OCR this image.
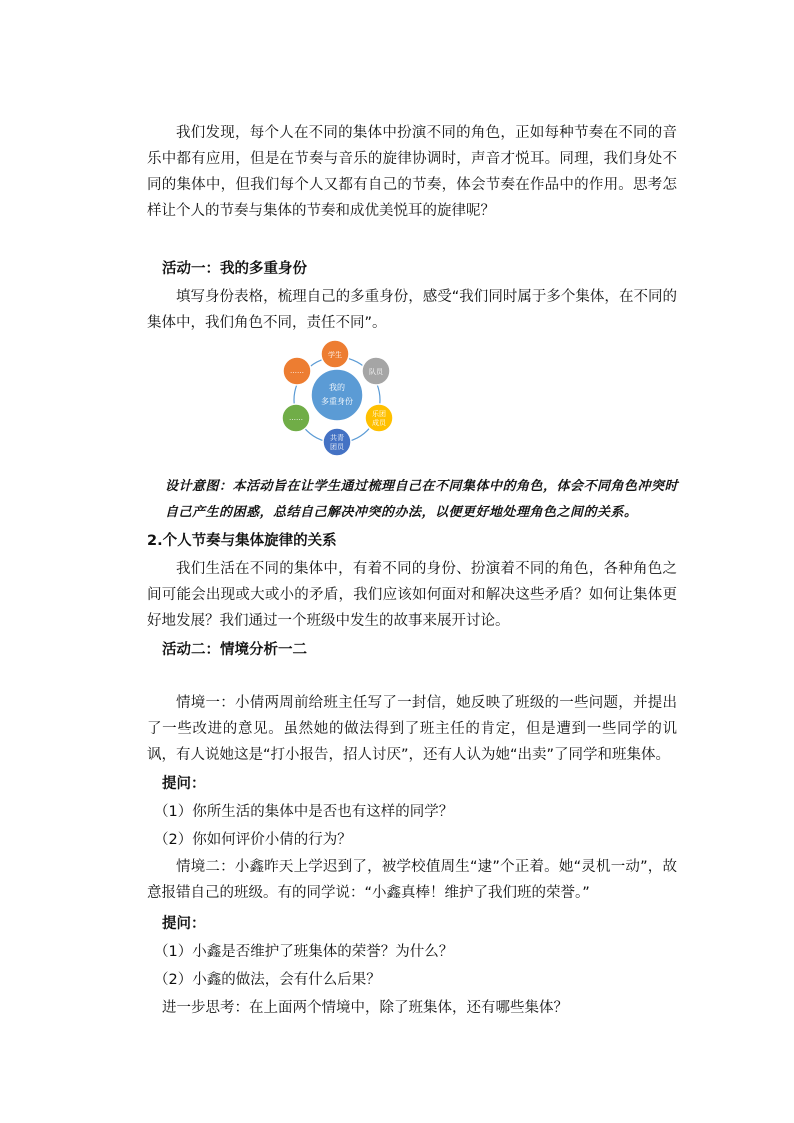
我们发现，每个人在不同的集体中扮演不同的角色，正如每种节奏在不同的音乐中都有应用，但是在节奏与音乐的旋律协调时，声音才悦耳。同理，我们身处不同的集体中，但我们每个人又都有自己的节奏，体会节奏在作品中的作用。思考怎样让个人的节奏与集体的节奏和成优美悦耳的旋律呢？

活动一：我的多重身份

填写身份表格，梳理自己的多重身份，感受“我们同时属于多个集体，在不同的集体中，我们角色不同，责任不同”。

我的
多重身份
学生
队员
乐团
成员
共青
团员
……
……

设计意图：本活动旨在让学生通过梳理自己在不同集体中的角色，体会不同角色冲突时自己产生的困惑，总结自己解决冲突的办法，以便更好地处理角色之间的关系。

2.个人节奏与集体旋律的关系

我们生活在不同的集体中，有着不同的身份、扮演着不同的角色，各种角色之间可能会出现或大或小的矛盾，我们应该如何面对和解决这些矛盾？如何让集体更好地发展？我们通过一个班级中发生的故事来展开讨论。

活动二：情境分析一二

情境一：小倩两周前给班主任写了一封信，她反映了班级的一些问题，并提出了一些改进的意见。虽然她的做法得到了班主任的肯定，但是遭到一些同学的讥讽，有人说她这是“打小报告，招人讨厌”，还有人认为她“出卖”了同学和班集体。

提问：

（1）你所生活的集体中是否也有这样的同学？

（2）你如何评价小倩的行为？

情境二：小鑫昨天上学迟到了，被学校值周生“逮”个正着。她“灵机一动”，故意报错自己的班级。有的同学说：“小鑫真棒！维护了我们班的荣誉。”

提问：

（1）小鑫是否维护了班集体的荣誉？为什么？

（2）小鑫的做法，会有什么后果？

进一步思考：在上面两个情境中，除了班集体，还有哪些集体？
